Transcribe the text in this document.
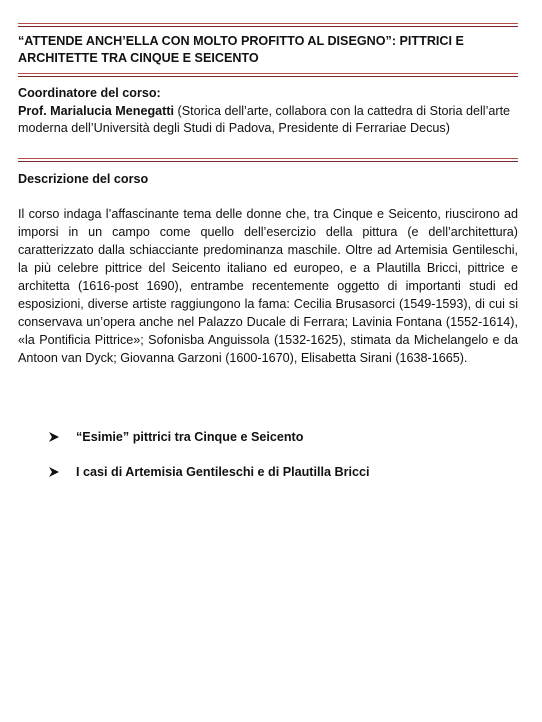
“ATTENDE ANCH’ELLA CON MOLTO PROFITTO AL DISEGNO”: PITTRICI E ARCHITETTE TRA CINQUE E SEICENTO
Coordinatore del corso:
Prof. Marialucia Menegatti (Storica dell’arte, collabora con la cattedra di Storia dell’arte moderna dell’Università degli Studi di Padova, Presidente di Ferrariae Decus)
Descrizione del corso
Il corso indaga l’affascinante tema delle donne che, tra Cinque e Seicento, riuscirono ad imporsi in un campo come quello dell’esercizio della pittura (e dell’architettura) caratterizzato dalla schiacciante predominanza maschile. Oltre ad Artemisia Gentileschi, la più celebre pittrice del Seicento italiano ed europeo, e a Plautilla Bricci, pittrice e architetta (1616-post 1690), entrambe recentemente oggetto di importanti studi ed esposizioni, diverse artiste raggiungono la fama: Cecilia Brusasorci (1549-1593), di cui si conservava un’opera anche nel Palazzo Ducale di Ferrara; Lavinia Fontana (1552-1614), «la Pontificia Pittrice»; Sofonisba Anguissola (1532-1625), stimata da Michelangelo e da Antoon van Dyck; Giovanna Garzoni (1600-1670), Elisabetta Sirani (1638-1665).
“Esimie” pittrici tra Cinque e Seicento
I casi di Artemisia Gentileschi e di Plautilla Bricci
